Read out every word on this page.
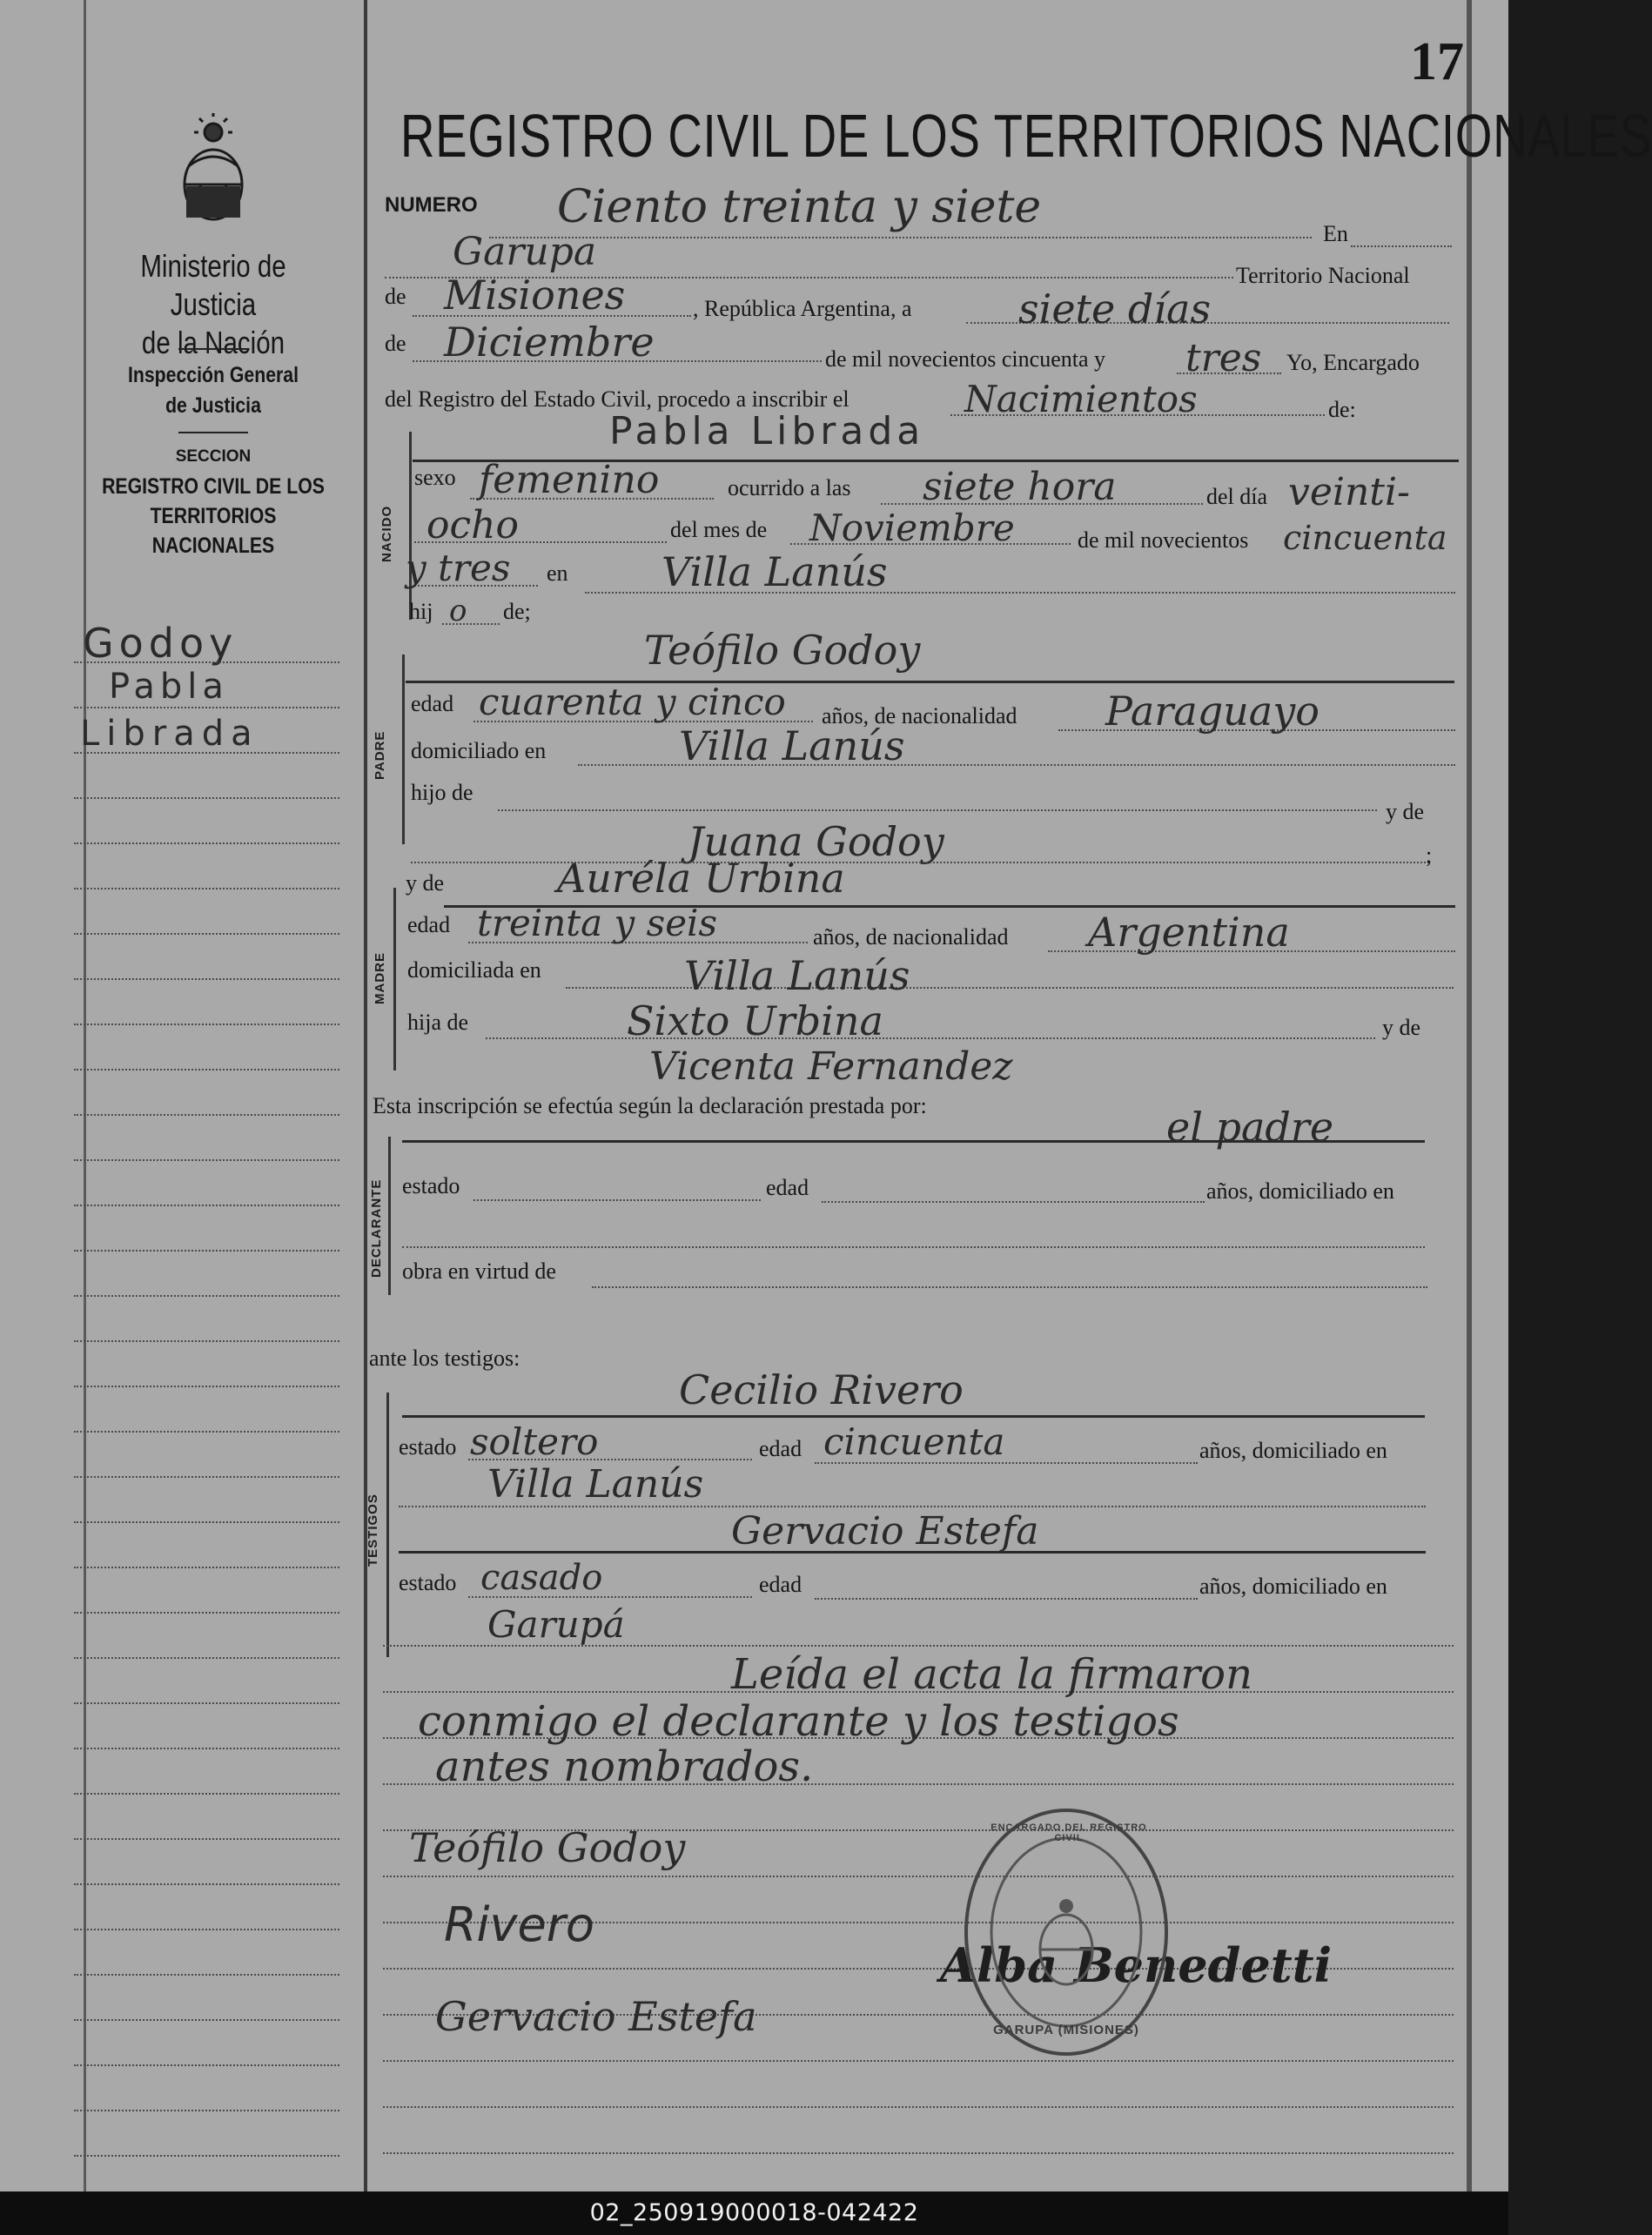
17
Ministerio de Justicia
de la Nación
Inspección General
de Justicia
SECCION
REGISTRO CIVIL DE LOS
TERRITORIOS NACIONALES
Godoy
Pabla
Librada
REGISTRO CIVIL DE LOS TERRITORIOS NACIONALES
NUMERO Ciento treinta y siete
En
Garupa
Territorio Nacional
de Misiones	, República Argentina, a	siete días
de Diciembre	de mil novecientos cincuenta y tres Yo, Encargado
del Registro del Estado Civil, procedo a inscribir el	Nacimientos	de:
NACIDO
Pabla Librada
sexo femenino	ocurrido a las siete hora	del día veinti-
ocho	del mes de Noviembre	de mil novecientos cincuenta
y tres en Villa Lanús
hij o de;
PADRE
Teófilo Godoy
edad cuarenta y cinco años, de nacionalidad Paraguayo
domiciliado en	Villa Lanús
hijo de
y de
Juana Godoy	;
y de	Auréla Urbina
MADRE
edad treinta y seis	años, de nacionalidad Argentina
domiciliada en	Villa Lanús
hija de	Sixto Urbina	y de
Vicenta Fernandez
Esta inscripción se efectúa según la declaración prestada por:	el padre
DECLARANTE estado	edad	años, domiciliado en
obra en virtud de
ante los testigos:
Cecilio Rivero
TESTIGOS
estado soltero	edad cincuenta	años, domiciliado en
Villa Lanús
Gervacio Estefa
estado casado	edad	años, domiciliado en
Garupá
Leída el acta la firmaron
conmigo el declarante y los testigos
antes nombrados.
Teófilo Godoy
Rivero
Gervacio Estefa
Alba Benedetti
ENCARGADO DEL REGISTRO CIVIL
GARUPA (MISIONES)
02_250919000018-042422
